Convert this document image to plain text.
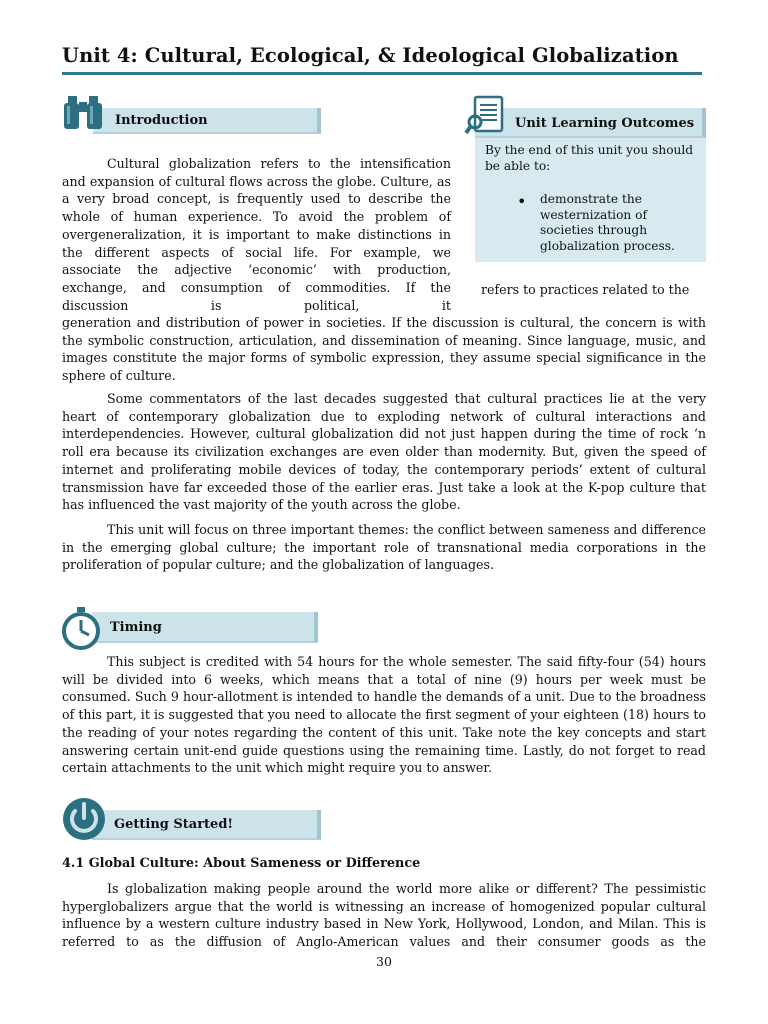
Unit 4: Cultural, Ecological, & Ideological Globalization
Introduction

Cultural globalization refers to the intensification and expansion of cultural flows across the globe. Culture, as a very broad concept, is frequently used to describe the whole of human experience. To avoid the problem of overgeneralization, it is important to make distinctions in the different aspects of social life. For example, we associate the adjective ‘economic’ with production, exchange, and consumption of commodities. If the discussion is political, it

Unit Learning Outcomes

By the end of this unit you should be able to:

• demonstrate the westernization of societies through globalization process.

refers to practices related to the

generation and distribution of power in societies. If the discussion is cultural, the concern is with the symbolic construction, articulation, and dissemination of meaning. Since language, music, and images constitute the major forms of symbolic expression, they assume special significance in the sphere of culture.

Some commentators of the last decades suggested that cultural practices lie at the very heart of contemporary globalization due to exploding network of cultural interactions and interdependencies. However, cultural globalization did not just happen during the time of rock ‘n roll era because its civilization exchanges are even older than modernity. But, given the speed of internet and proliferating mobile devices of today, the contemporary periods’ extent of cultural transmission have far exceeded those of the earlier eras. Just take a look at the K-pop culture that has influenced the vast majority of the youth across the globe.

This unit will focus on three important themes: the conflict between sameness and difference in the emerging global culture; the important role of transnational media corporations in the proliferation of popular culture; and the globalization of languages.

Timing

This subject is credited with 54 hours for the whole semester. The said fifty-four (54) hours will be divided into 6 weeks, which means that a total of nine (9) hours per week must be consumed. Such 9 hour-allotment is intended to handle the demands of a unit. Due to the broadness of this part, it is suggested that you need to allocate the first segment of your eighteen (18) hours to the reading of your notes regarding the content of this unit. Take note the key concepts and start answering certain unit-end guide questions using the remaining time. Lastly, do not forget to read certain attachments to the unit which might require you to answer.

Getting Started!
4.1 Global Culture: About Sameness or Difference

Is globalization making people around the world more alike or different? The pessimistic hyperglobalizers argue that the world is witnessing an increase of homogenized popular cultural influence by a western culture industry based in New York, Hollywood, London, and Milan. This is referred to as the diffusion of Anglo-American values and their consumer goods as the

30
